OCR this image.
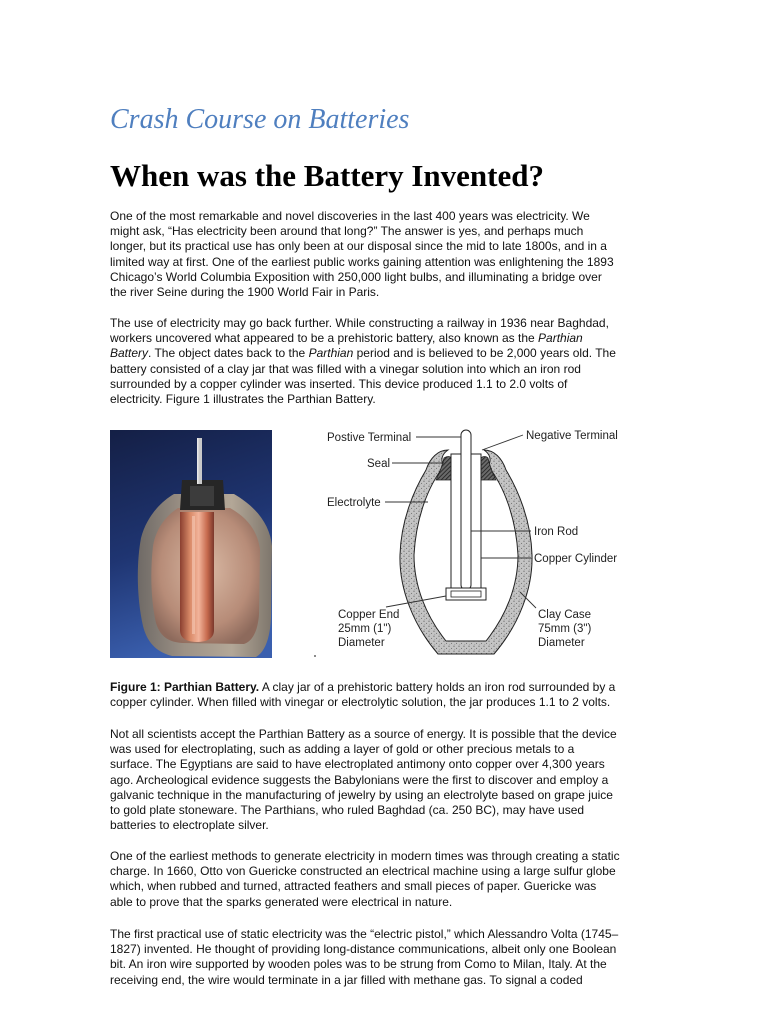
Crash Course on Batteries
When was the Battery Invented?
One of the most remarkable and novel discoveries in the last 400 years was electricity. We
might ask, “Has electricity been around that long?” The answer is yes, and perhaps much
longer, but its practical use has only been at our disposal since the mid to late 1800s, and in a
limited way at first. One of the earliest public works gaining attention was enlightening the 1893
Chicago’s World Columbia Exposition with 250,000 light bulbs, and illuminating a bridge over
the river Seine during the 1900 World Fair in Paris.
The use of electricity may go back further. While constructing a railway in 1936 near Baghdad,
workers uncovered what appeared to be a prehistoric battery, also known as the Parthian
Battery. The object dates back to the Parthian period and is believed to be 2,000 years old. The
battery consisted of a clay jar that was filled with a vinegar solution into which an iron rod
surrounded by a copper cylinder was inserted. This device produced 1.1 to 2.0 volts of
electricity. Figure 1 illustrates the Parthian Battery.
Postive Terminal	Negative Terminal
Seal
Electrolyte
Iron Rod
Copper Cylinder
Copper End
25mm (1")
Diameter
Clay Case
75mm (3")
Diameter
Figure 1: Parthian Battery. A clay jar of a prehistoric battery holds an iron rod surrounded by a
copper cylinder. When filled with vinegar or electrolytic solution, the jar produces 1.1 to 2 volts.
Not all scientists accept the Parthian Battery as a source of energy. It is possible that the device
was used for electroplating, such as adding a layer of gold or other precious metals to a
surface. The Egyptians are said to have electroplated antimony onto copper over 4,300 years
ago. Archeological evidence suggests the Babylonians were the first to discover and employ a
galvanic technique in the manufacturing of jewelry by using an electrolyte based on grape juice
to gold plate stoneware. The Parthians, who ruled Baghdad (ca. 250 BC), may have used
batteries to electroplate silver.
One of the earliest methods to generate electricity in modern times was through creating a static
charge. In 1660, Otto von Guericke constructed an electrical machine using a large sulfur globe
which, when rubbed and turned, attracted feathers and small pieces of paper. Guericke was
able to prove that the sparks generated were electrical in nature.
The first practical use of static electricity was the “electric pistol,” which Alessandro Volta (1745–
1827) invented. He thought of providing long-distance communications, albeit only one Boolean
bit. An iron wire supported by wooden poles was to be strung from Como to Milan, Italy. At the
receiving end, the wire would terminate in a jar filled with methane gas. To signal a coded
